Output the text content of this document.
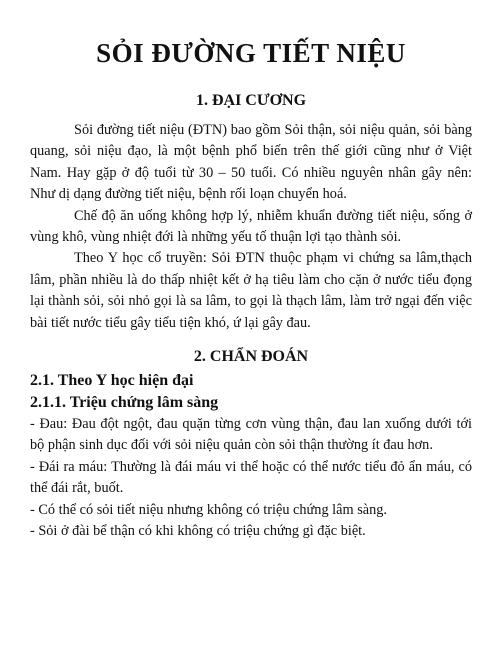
SỎI ĐƯỜNG TIẾT NIỆU
1. ĐẠI CƯƠNG

Sỏi đường tiết niệu (ĐTN) bao gồm Sỏi thận, sỏi niệu quản, sỏi bàng quang, sỏi niệu đạo, là một bệnh phổ biến trên thế giới cũng như ở Việt Nam. Hay gặp ở độ tuổi từ 30 – 50 tuổi. Có nhiều nguyên nhân gây nên: Như dị dạng đường tiết niệu, bệnh rối loạn chuyển hoá.

Chế độ ăn uống không hợp lý, nhiễm khuẩn đường tiết niệu, sống ở vùng khô, vùng nhiệt đới là những yếu tố thuận lợi tạo thành sỏi.

Theo Y học cổ truyền: Sỏi ĐTN thuộc phạm vi chứng sa lâm,thạch lâm, phần nhiều là do thấp nhiệt kết ở hạ tiêu làm cho cặn ở nước tiểu đọng lại thành sỏi, sỏi nhỏ gọi là sa lâm, to gọi là thạch lâm, làm trở ngại đến việc bài tiết nước tiểu gây tiểu tiện khó, ứ lại gây đau.

2. CHẨN ĐOÁN
2.1. Theo Y học hiện đại
2.1.1. Triệu chứng lâm sàng

- Đau: Đau đột ngột, đau quặn từng cơn vùng thận, đau lan xuống dưới tới bộ phận sinh dục đối với sỏi niệu quản còn sỏi thận thường ít đau hơn.

- Đái ra máu: Thường là đái máu vi thể hoặc có thể nước tiểu đỏ ẩn máu, có thể đái rắt, buốt.

- Có thể có sỏi tiết niệu nhưng không có triệu chứng lâm sàng.

- Sỏi ở đài bể thận có khi không có triệu chứng gì đặc biệt.
